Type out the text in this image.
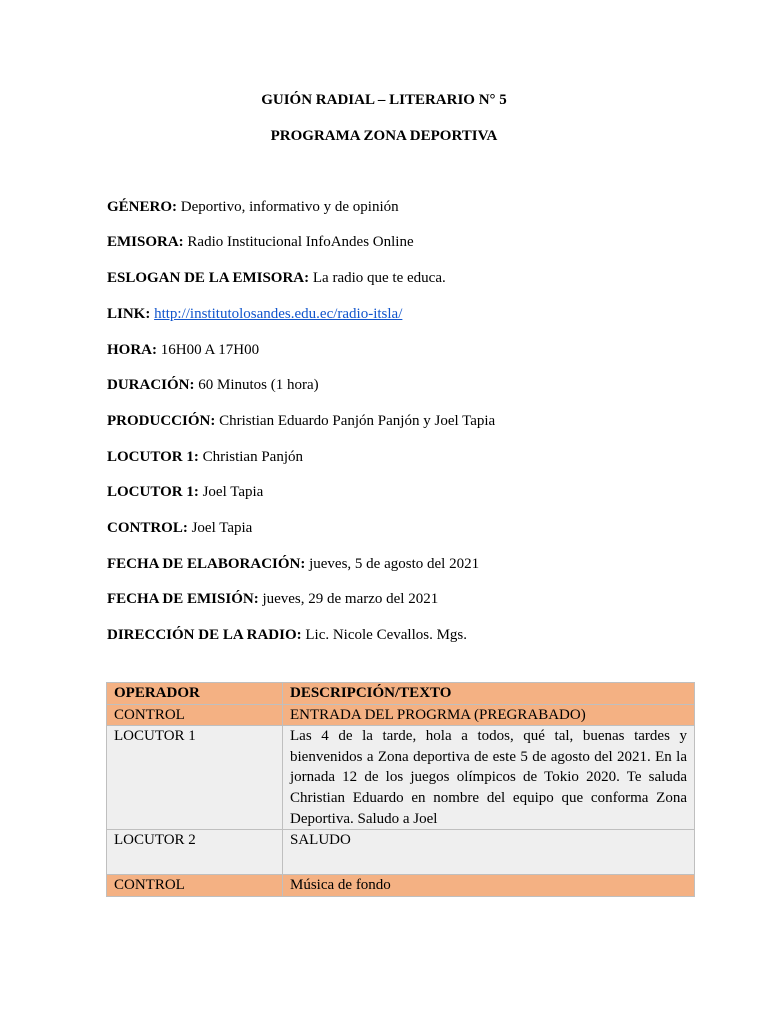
GUIÓN RADIAL – LITERARIO N° 5
PROGRAMA ZONA DEPORTIVA
GÉNERO: Deportivo, informativo y de opinión
EMISORA: Radio Institucional InfoAndes Online
ESLOGAN DE LA EMISORA: La radio que te educa.
LINK: http://institutolosandes.edu.ec/radio-itsla/
HORA: 16H00 A 17H00
DURACIÓN: 60 Minutos (1 hora)
PRODUCCIÓN: Christian Eduardo Panjón Panjón y Joel Tapia
LOCUTOR 1: Christian Panjón
LOCUTOR 1: Joel Tapia
CONTROL: Joel Tapia
FECHA DE ELABORACIÓN: jueves, 5 de agosto del 2021
FECHA DE EMISIÓN: jueves, 29 de marzo del 2021
DIRECCIÓN DE LA RADIO: Lic. Nicole Cevallos. Mgs.
OPERADOR	DESCRIPCIÓN/TEXTO
CONTROL	ENTRADA DEL PROGRMA (PREGRABADO)
LOCUTOR 1	Las 4 de la tarde, hola a todos, qué tal, buenas tardes y bienvenidos a Zona deportiva de este 5 de agosto del 2021. En la jornada 12 de los juegos olímpicos de Tokio 2020. Te saluda Christian Eduardo en nombre del equipo que conforma Zona Deportiva. Saludo a Joel
LOCUTOR 2	SALUDO
CONTROL	Música de fondo
